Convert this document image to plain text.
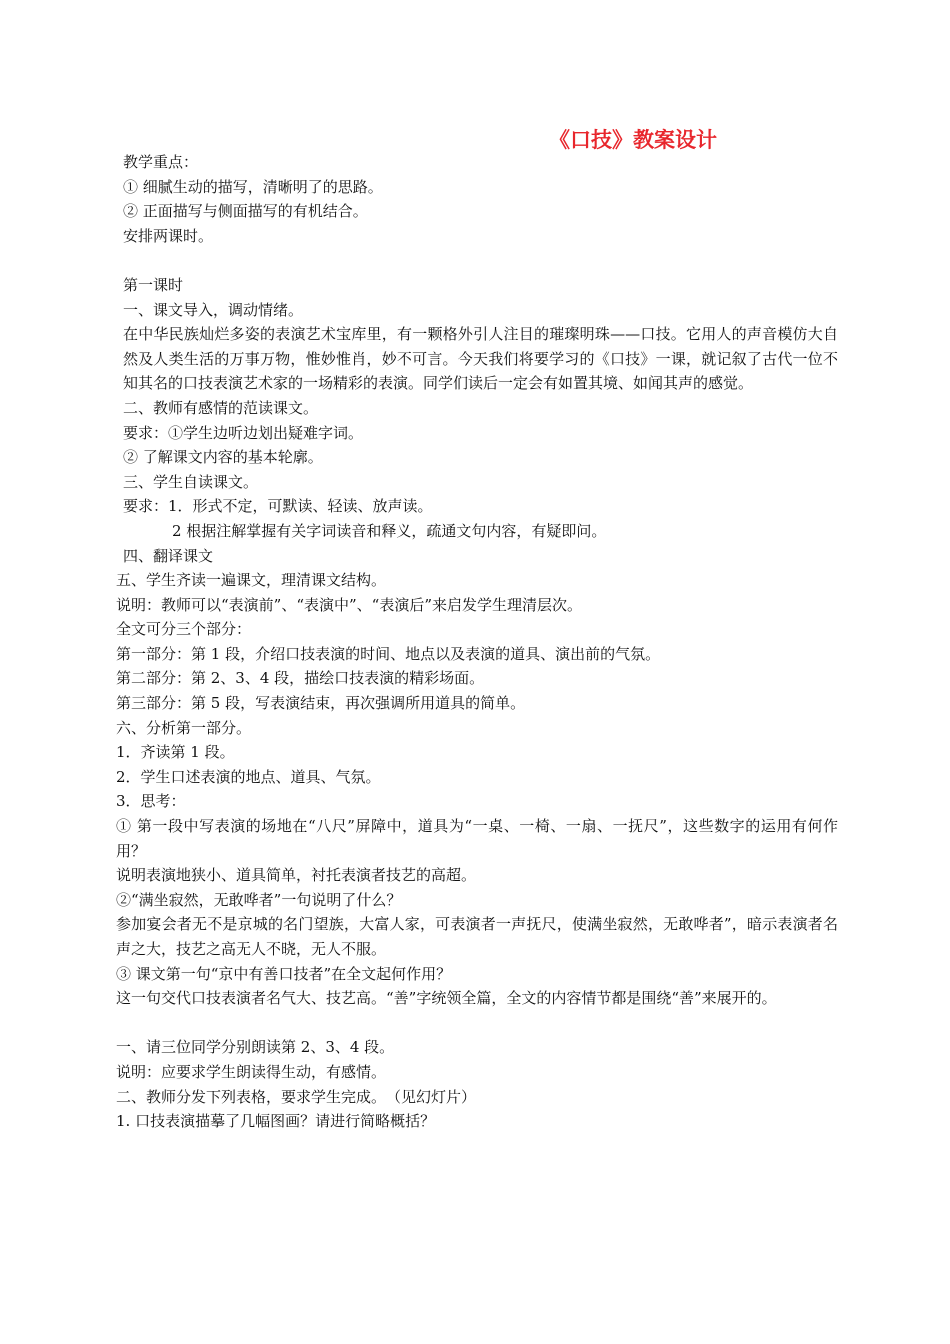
《口技》教案设计

教学重点：

① 细腻生动的描写，清晰明了的思路。

② 正面描写与侧面描写的有机结合。

安排两课时。

第一课时

一、课文导入，调动情绪。

在中华民族灿烂多姿的表演艺术宝库里，有一颗格外引人注目的璀璨明珠——口技。它用人的声音模仿大自然及人类生活的万事万物，惟妙惟肖，妙不可言。今天我们将要学习的《口技》一课，就记叙了古代一位不知其名的口技表演艺术家的一场精彩的表演。同学们读后一定会有如置其境、如闻其声的感觉。

二、教师有感情的范读课文。

要求：①学生边听边划出疑难字词。

② 了解课文内容的基本轮廓。

三、学生自读课文。

要求：1．形式不定，可默读、轻读、放声读。

2 根据注解掌握有关字词读音和释义，疏通文句内容，有疑即问。

四、翻译课文

五、学生齐读一遍课文，理清课文结构。

说明：教师可以“表演前”、“表演中”、“表演后”来启发学生理清层次。

全文可分三个部分：

第一部分：第 1 段，介绍口技表演的时间、地点以及表演的道具、演出前的气氛。

第二部分：第 2、3、4 段，描绘口技表演的精彩场面。

第三部分：第 5 段，写表演结束，再次强调所用道具的简单。

六、分析第一部分。

1．齐读第 1 段。

2．学生口述表演的地点、道具、气氛。

3．思考：

① 第一段中写表演的场地在“八尺”屏障中，道具为“一桌、一椅、一扇、一抚尺”，这些数字的运用有何作用？

说明表演地狭小、道具简单，衬托表演者技艺的高超。

②“满坐寂然，无敢哗者”一句说明了什么？

参加宴会者无不是京城的名门望族，大富人家，可表演者一声抚尺，使满坐寂然，无敢哗者”，暗示表演者名声之大，技艺之高无人不晓，无人不服。

③ 课文第一句“京中有善口技者”在全文起何作用？

这一句交代口技表演者名气大、技艺高。“善”字统领全篇，全文的内容情节都是围绕“善”来展开的。

一、请三位同学分别朗读第 2、3、4 段。

说明：应要求学生朗读得生动，有感情。

二、教师分发下列表格，要求学生完成。　（见幻灯片）

1. 口技表演描摹了几幅图画？请进行简略概括？
